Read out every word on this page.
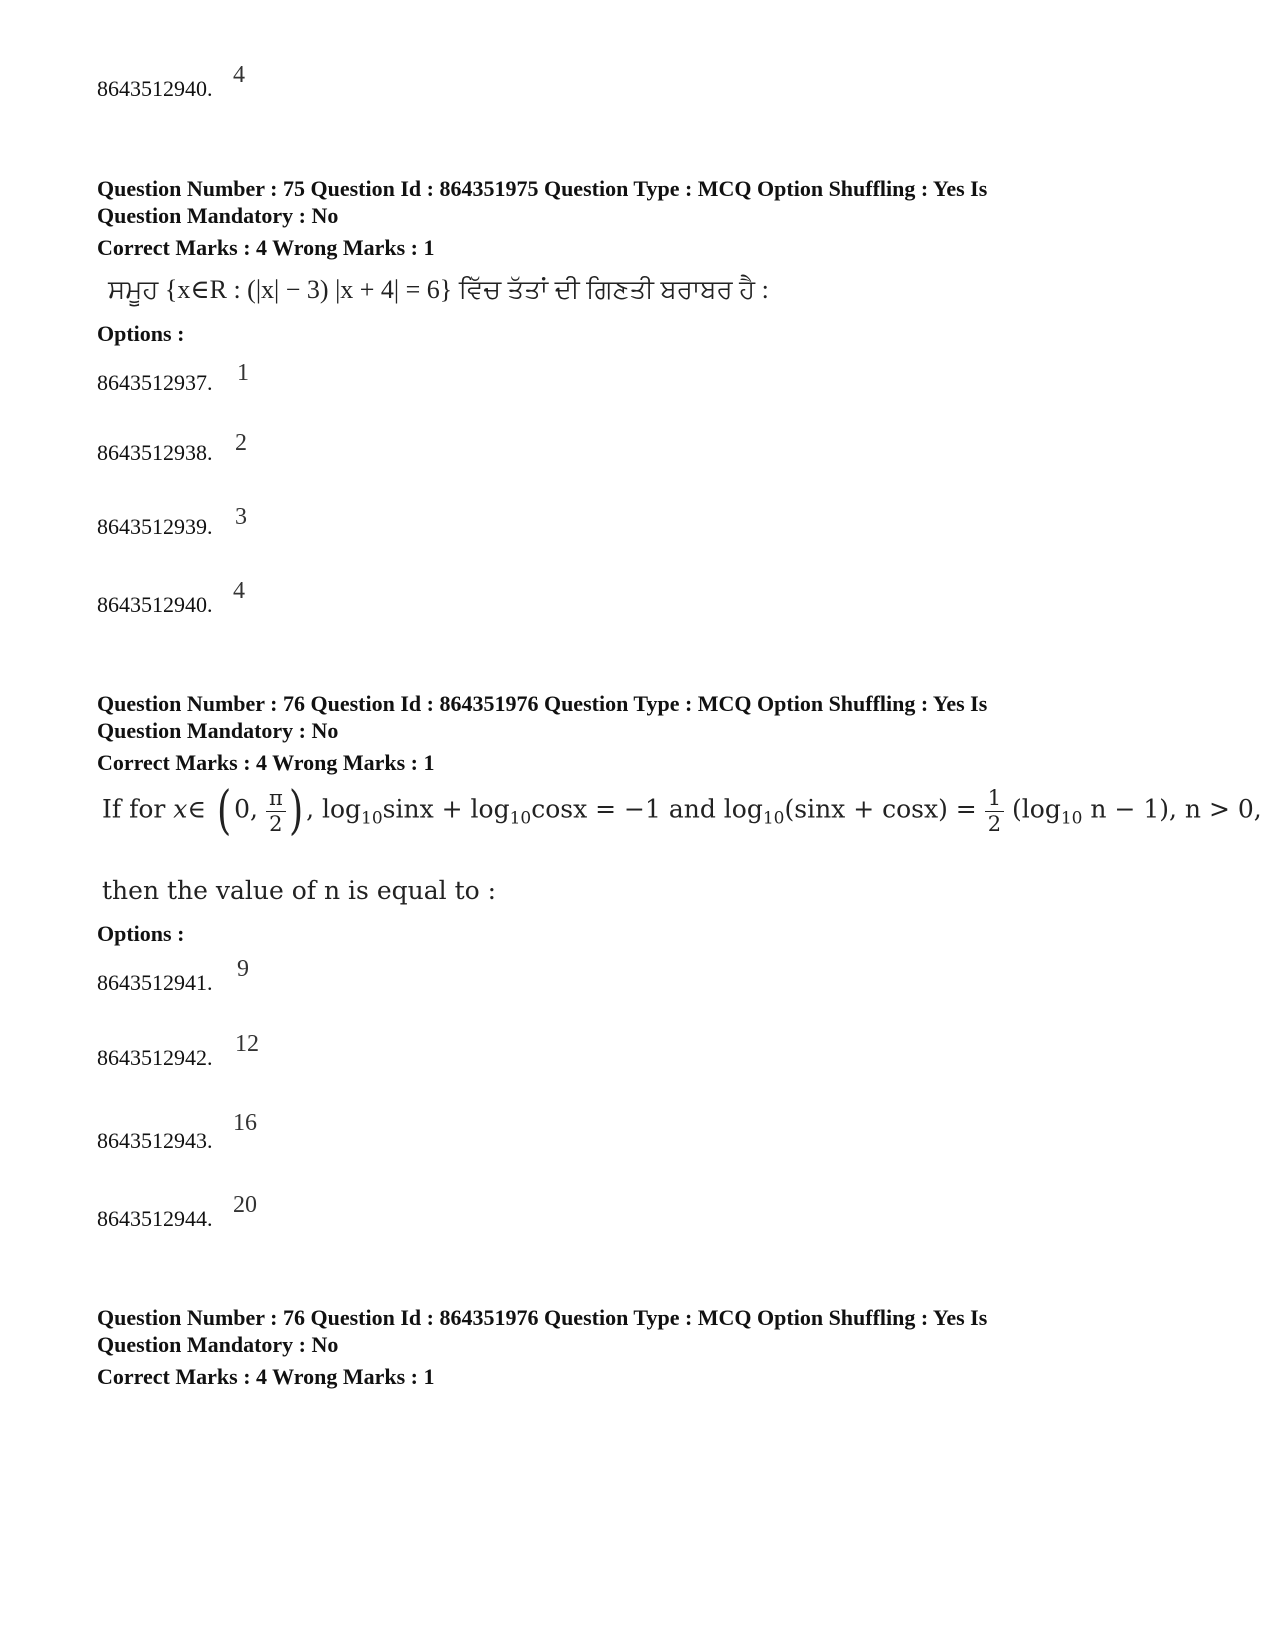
8643512940.
4
Question Number : 75 Question Id : 864351975 Question Type : MCQ Option Shuffling : Yes Is
Question Mandatory : No
Correct Marks : 4 Wrong Marks : 1
ਸਮੂਹ {x∈R : (|x| − 3) |x + 4| = 6} ਵਿੱਚ ਤੱਤਾਂ ਦੀ ਗਿਣਤੀ ਬਰਾਬਰ ਹੈ :
Options :
8643512937. 1
8643512938. 2
8643512939. 3
8643512940.
4
Question Number : 76 Question Id : 864351976 Question Type : MCQ Option Shuffling : Yes Is
Question Mandatory : No
Correct Marks : 4 Wrong Marks : 1
If for x∈ ( 0, $\frac{\pi}{2}$ ) , $\log_{10}\sin x + \log_{10}\cos x = -1$ and $\log_{10}(\sin x + \cos x) = \frac{1}{2} (\log_{10}$ n − 1), n > 0,
then the value of n is equal to :
Options :
8643512941.
9
8643512942.
12
8643512943.
16
8643512944.
20
Question Number : 76 Question Id : 864351976 Question Type : MCQ Option Shuffling : Yes Is
Question Mandatory : No
Correct Marks : 4 Wrong Marks : 1
